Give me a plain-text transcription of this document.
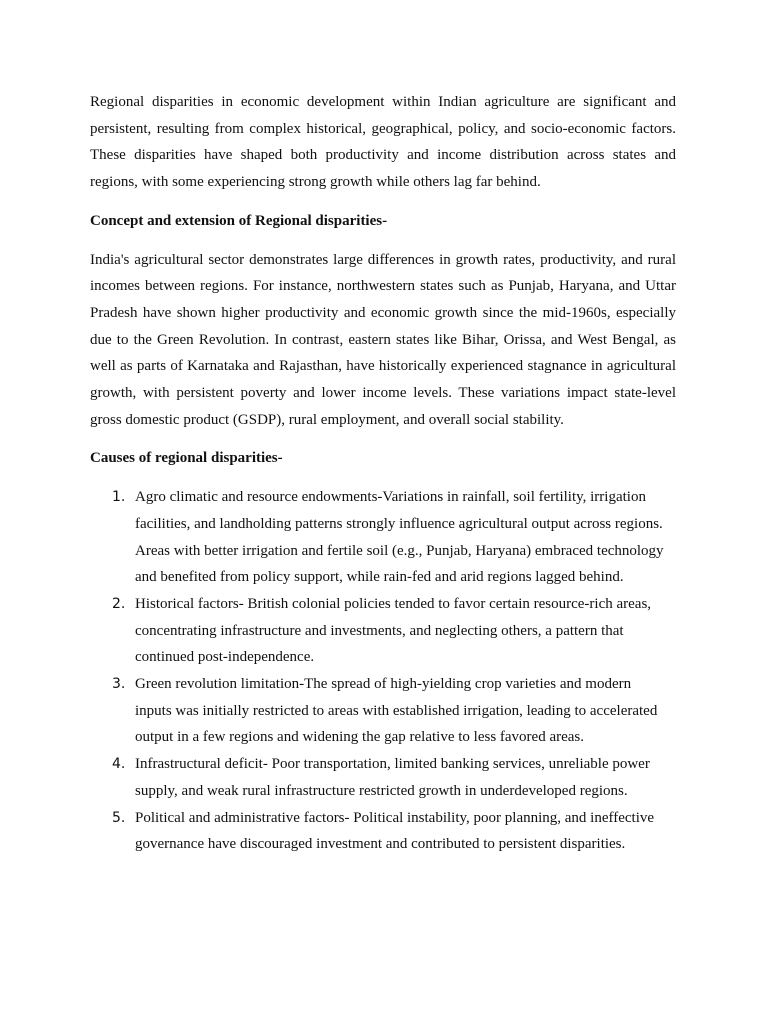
Regional disparities in economic development within Indian agriculture are significant and persistent, resulting from complex historical, geographical, policy, and socio-economic factors. These disparities have shaped both productivity and income distribution across states and regions, with some experiencing strong growth while others lag far behind.

Concept and extension of Regional disparities-

India's agricultural sector demonstrates large differences in growth rates, productivity, and rural incomes between regions. For instance, northwestern states such as Punjab, Haryana, and Uttar Pradesh have shown higher productivity and economic growth since the mid-1960s, especially due to the Green Revolution. In contrast, eastern states like Bihar, Orissa, and West Bengal, as well as parts of Karnataka and Rajasthan, have historically experienced stagnance in agricultural growth, with persistent poverty and lower income levels. These variations impact state-level gross domestic product (GSDP), rural employment, and overall social stability.

Causes of regional disparities-

1. Agro climatic and resource endowments-Variations in rainfall, soil fertility, irrigation
facilities, and landholding patterns strongly influence agricultural output across regions.
Areas with better irrigation and fertile soil (e.g., Punjab, Haryana) embraced technology
and benefited from policy support, while rain-fed and arid regions lagged behind.
2. Historical factors- British colonial policies tended to favor certain resource-rich areas,
concentrating infrastructure and investments, and neglecting others, a pattern that
continued post-independence.
3. Green revolution limitation-The spread of high-yielding crop varieties and modern
inputs was initially restricted to areas with established irrigation, leading to accelerated
output in a few regions and widening the gap relative to less favored areas.
4. Infrastructural deficit- Poor transportation, limited banking services, unreliable power
supply, and weak rural infrastructure restricted growth in underdeveloped regions.
5. Political and administrative factors- Political instability, poor planning, and ineffective
governance have discouraged investment and contributed to persistent disparities.
